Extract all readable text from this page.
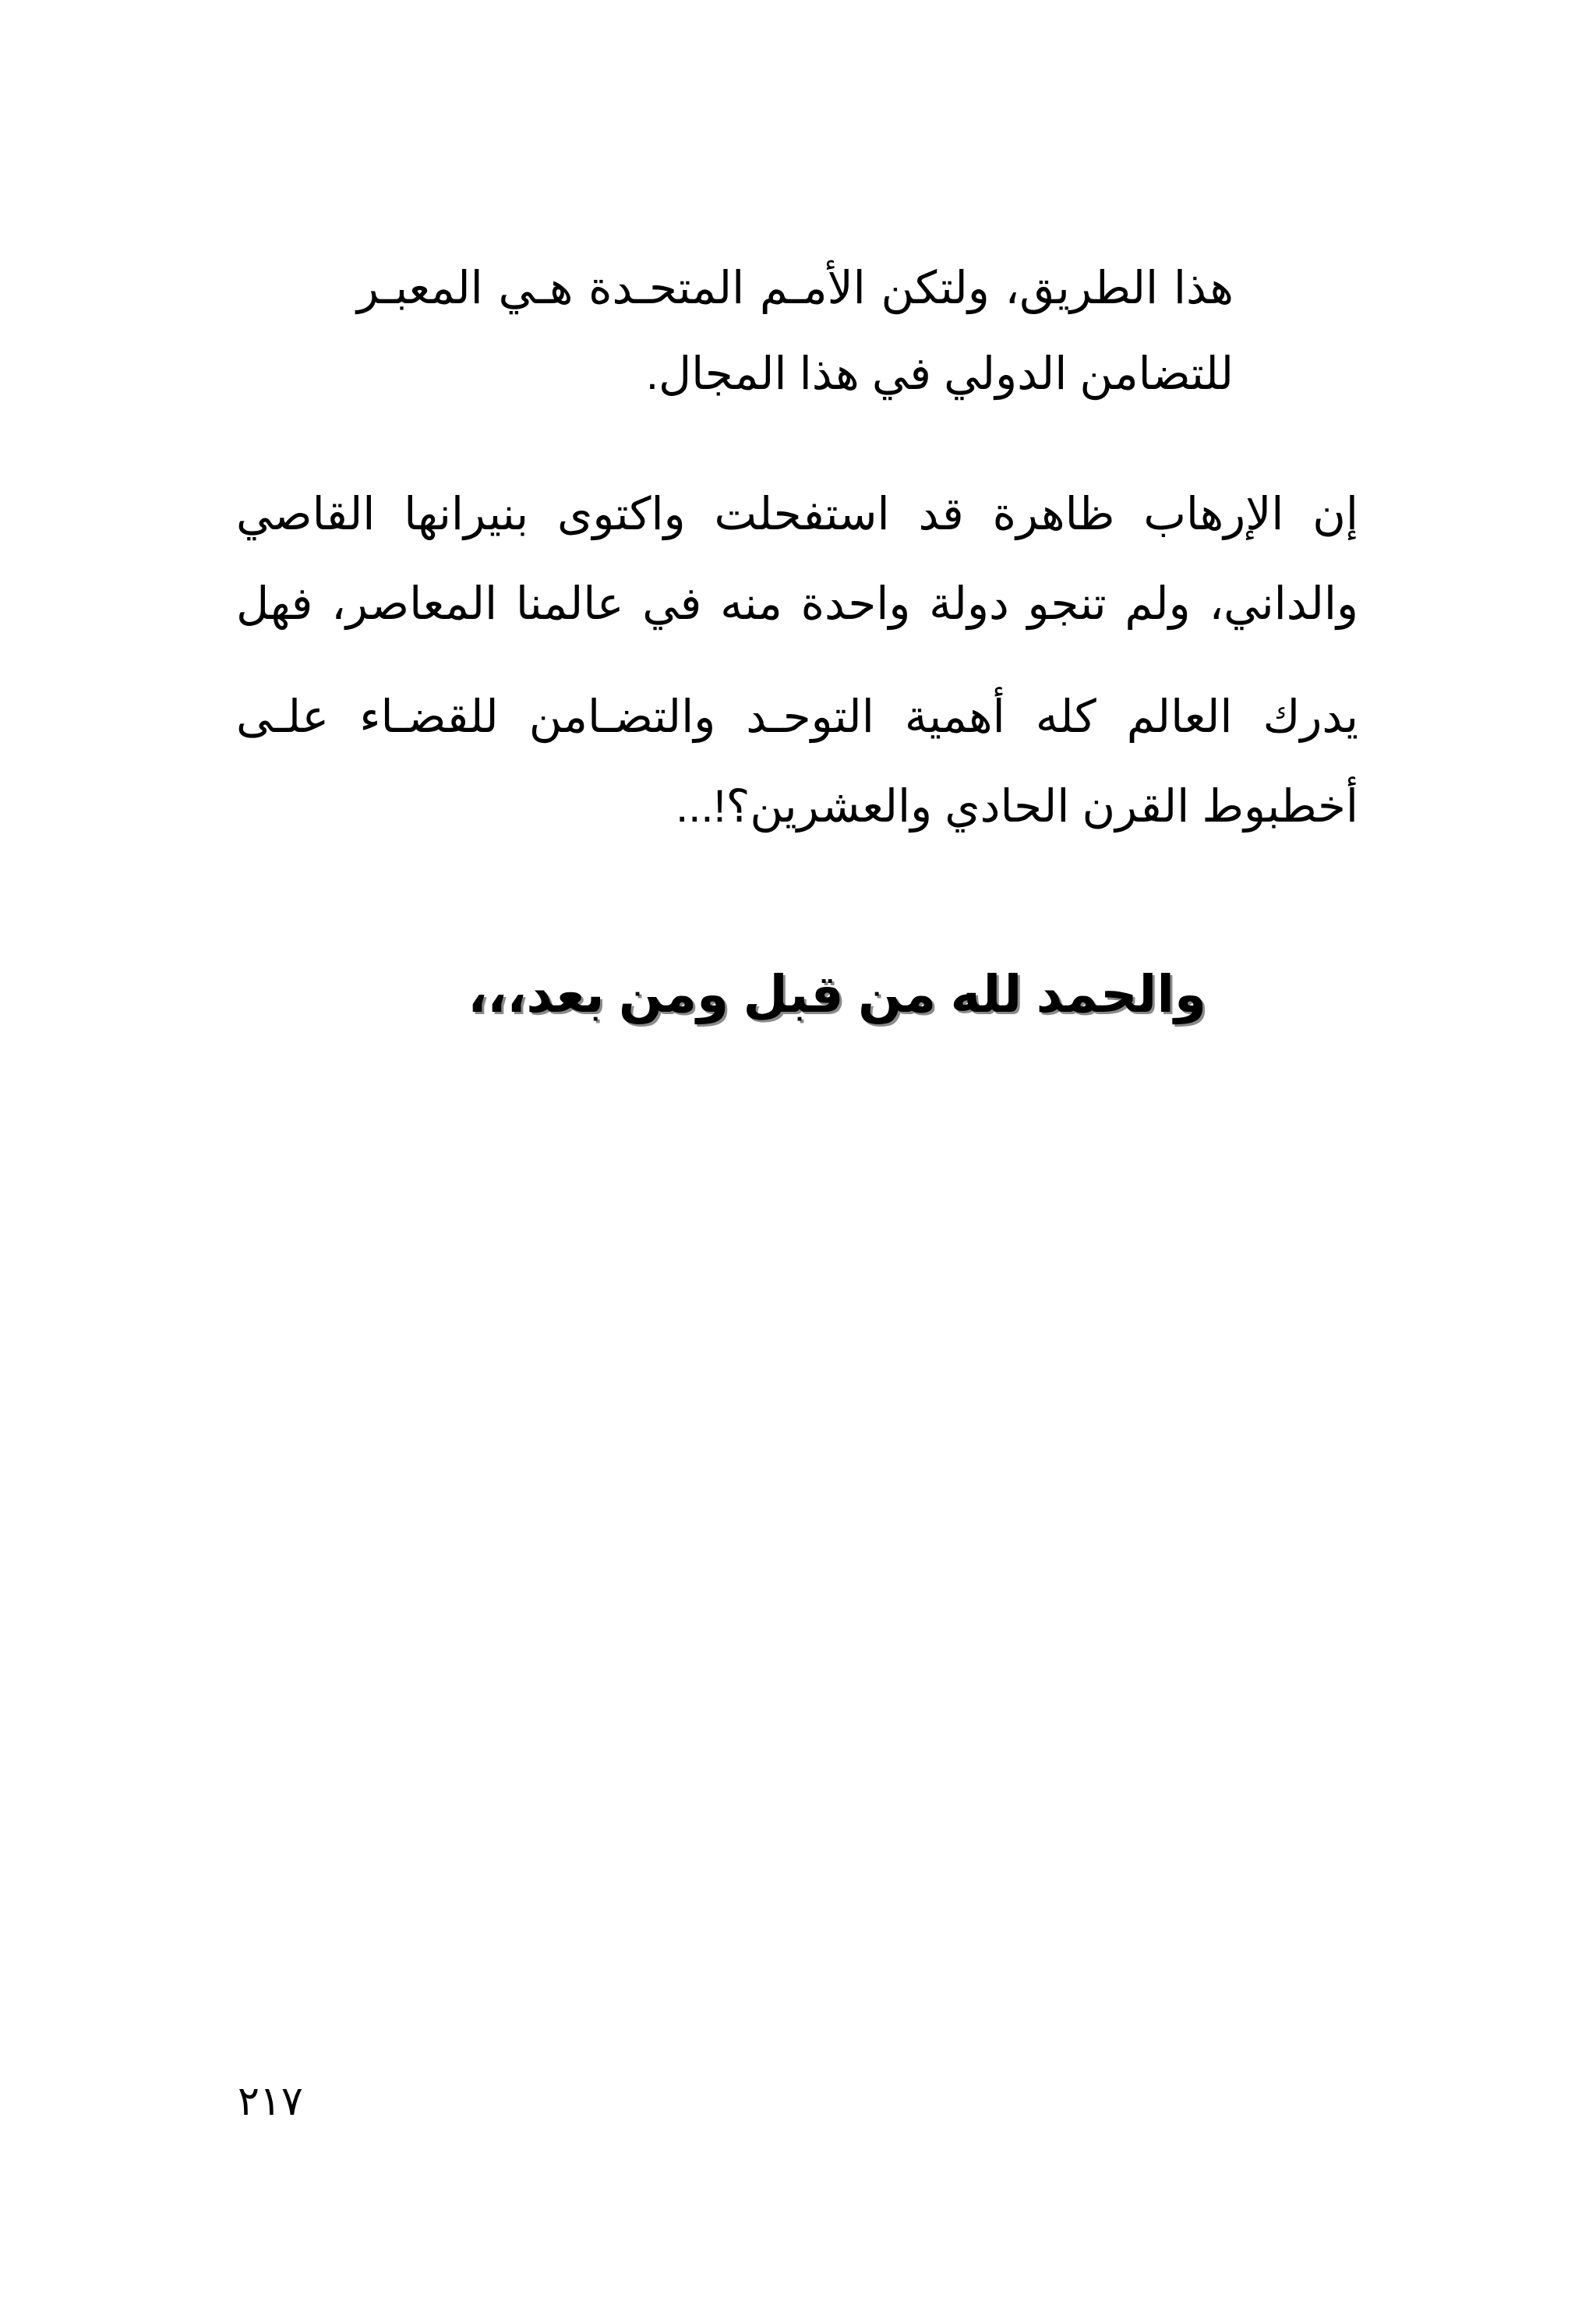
هذا الطريق، ولتكن الأمـم المتحـدة هـي المعبـر
للتضامن الدولي في هذا المجال.
إن الإرهاب ظاهرة قد استفحلت واكتوى بنيرانها القاصي
والداني، ولم تنجو دولة واحدة منه في عالمنا المعاصر، فهل
يدرك العالم كله أهمية التوحـد والتضـامن للقضـاء علـى
أخطبوط القرن الحادي والعشرين؟!...
والحمد لله من قبل ومن بعد،،،
٢١٧
